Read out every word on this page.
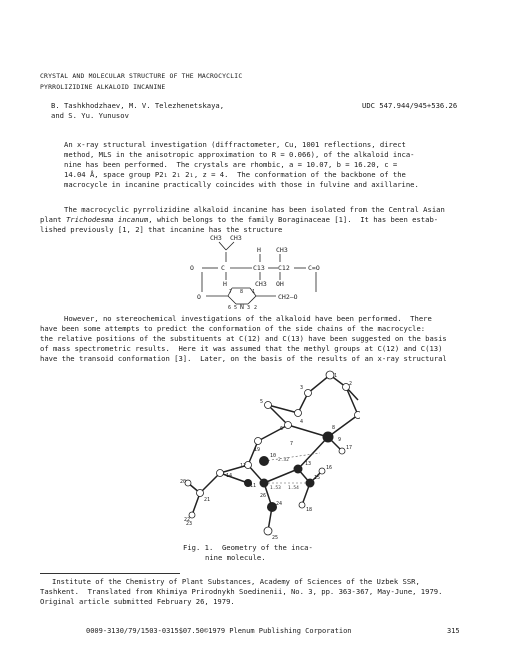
CRYSTAL AND MOLECULAR STRUCTURE OF THE MACROCYCLIC
PYRROLIZIDINE ALKALOID INCANINE
B. Tashkhodzhaev, M. V. Telezhenetskaya,
and S. Yu. Yunusov
UDC 547.944/945+536.26
An x-ray structural investigation (diffractometer, Cu, 1001 reflections, direct
method, MLS in the anisotropic approximation to R = 0.066), of the alkaloid inca-
nine has been performed.  The crystals are rhombic, a = 10.07, b = 16.20, c =
14.04 Å, space group P2₁ 2₁ 2₁, z = 4.  The conformation of the backbone of the
macrocycle in incanine practically coincides with those in fulvine and axillarine.
The macrocyclic pyrrolizidine alkaloid incanine has been isolated from the Central Asian
plant Trichodesma incanum, which belongs to the family Boraginaceae [1].  It has been estab-
lished previously [1, 2] that incanine has the structure
CH3 CH3
H CH3
O	C	C13 C12	C=O
H	CH3 OH
7 8 1
O	CH2—O
6 5 N 3 2
However, no stereochemical investigations of the alkaloid have been performed.  There
have been some attempts to predict the conformation of the side chains of the macrocycle:
the relative positions of the substituents at C(12) and C(13) have been suggested on the basis
of mass spectrometric results.  Here it was assumed that the methyl groups at C(12) and C(13)
have the transoid conformation [3].  Later, on the basis of the results of an x-ray structural
1
2
3
4
5
6
7
8
9
10
11
12	13
14	15
16
17
18
19
20
21
22
23
24
25
26
2.32
1.53 1.54
Fig. 1.  Geometry of the inca-
nine molecule.
Institute of the Chemistry of Plant Substances, Academy of Sciences of the Uzbek SSR,
Tashkent.  Translated from Khimiya Prirodnykh Soedinenii, No. 3, pp. 363-367, May-June, 1979.
Original article submitted February 26, 1979.
0009-3130/79/1503-0315$07.50©1979 Plenum Publishing Corporation	315
